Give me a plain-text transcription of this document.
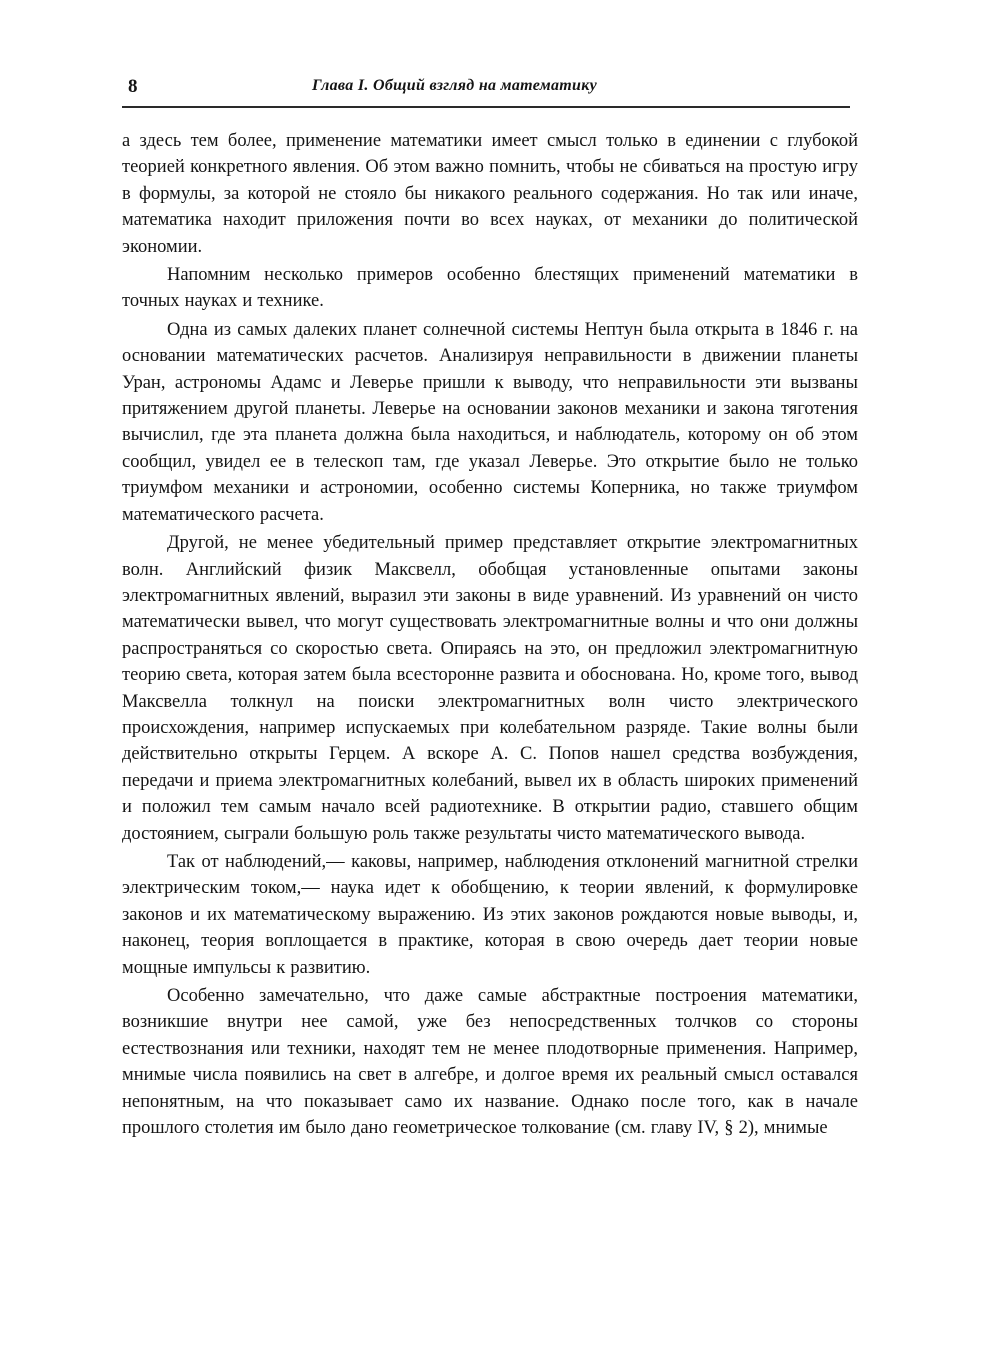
8	Глава I. Общий взгляд на математику

а здесь тем более, применение математики имеет смысл только в единении с глубокой теорией конкретного явления. Об этом важно помнить, чтобы не сбиваться на простую игру в формулы, за которой не стояло бы никакого реального содержания. Но так или иначе, математика находит приложения почти во всех науках, от механики до политической экономии.

Напомним несколько примеров особенно блестящих применений математики в точных науках и технике.

Одна из самых далеких планет солнечной системы Нептун была открыта в 1846 г. на основании математических расчетов. Анализируя неправильности в движении планеты Уран, астрономы Адамс и Леверье пришли к выводу, что неправильности эти вызваны притяжением другой планеты. Леверье на основании законов механики и закона тяготения вычислил, где эта планета должна была находиться, и наблюдатель, которому он об этом сообщил, увидел ее в телескоп там, где указал Леверье. Это открытие было не только триумфом механики и астрономии, особенно системы Коперника, но также триумфом математического расчета.

Другой, не менее убедительный пример представляет открытие электромагнитных волн. Английский физик Максвелл, обобщая установленные опытами законы электромагнитных явлений, выразил эти законы в виде уравнений. Из уравнений он чисто математически вывел, что могут существовать электромагнитные волны и что они должны распространяться со скоростью света. Опираясь на это, он предложил электромагнитную теорию света, которая затем была всесторонне развита и обоснована. Но, кроме того, вывод Максвелла толкнул на поиски электромагнитных волн чисто электрического происхождения, например испускаемых при колебательном разряде. Такие волны были действительно открыты Герцем. А вскоре А. С. Попов нашел средства возбуждения, передачи и приема электромагнитных колебаний, вывел их в область широких применений и положил тем самым начало всей радиотехнике. В открытии радио, ставшего общим достоянием, сыграли большую роль также результаты чисто математического вывода.

Так от наблюдений,— каковы, например, наблюдения отклонений магнитной стрелки электрическим током,— наука идет к обобщению, к теории явлений, к формулировке законов и их математическому выражению. Из этих законов рождаются новые выводы, и, наконец, теория воплощается в практике, которая в свою очередь дает теории новые мощные импульсы к развитию.

Особенно замечательно, что даже самые абстрактные построения математики, возникшие внутри нее самой, уже без непосредственных толчков со стороны естествознания или техники, находят тем не менее плодотворные применения. Например, мнимые числа появились на свет в алгебре, и долгое время их реальный смысл оставался непонятным, на что показывает само их название. Однако после того, как в начале прошлого столетия им было дано геометрическое толкование (см. главу IV, § 2), мнимые
